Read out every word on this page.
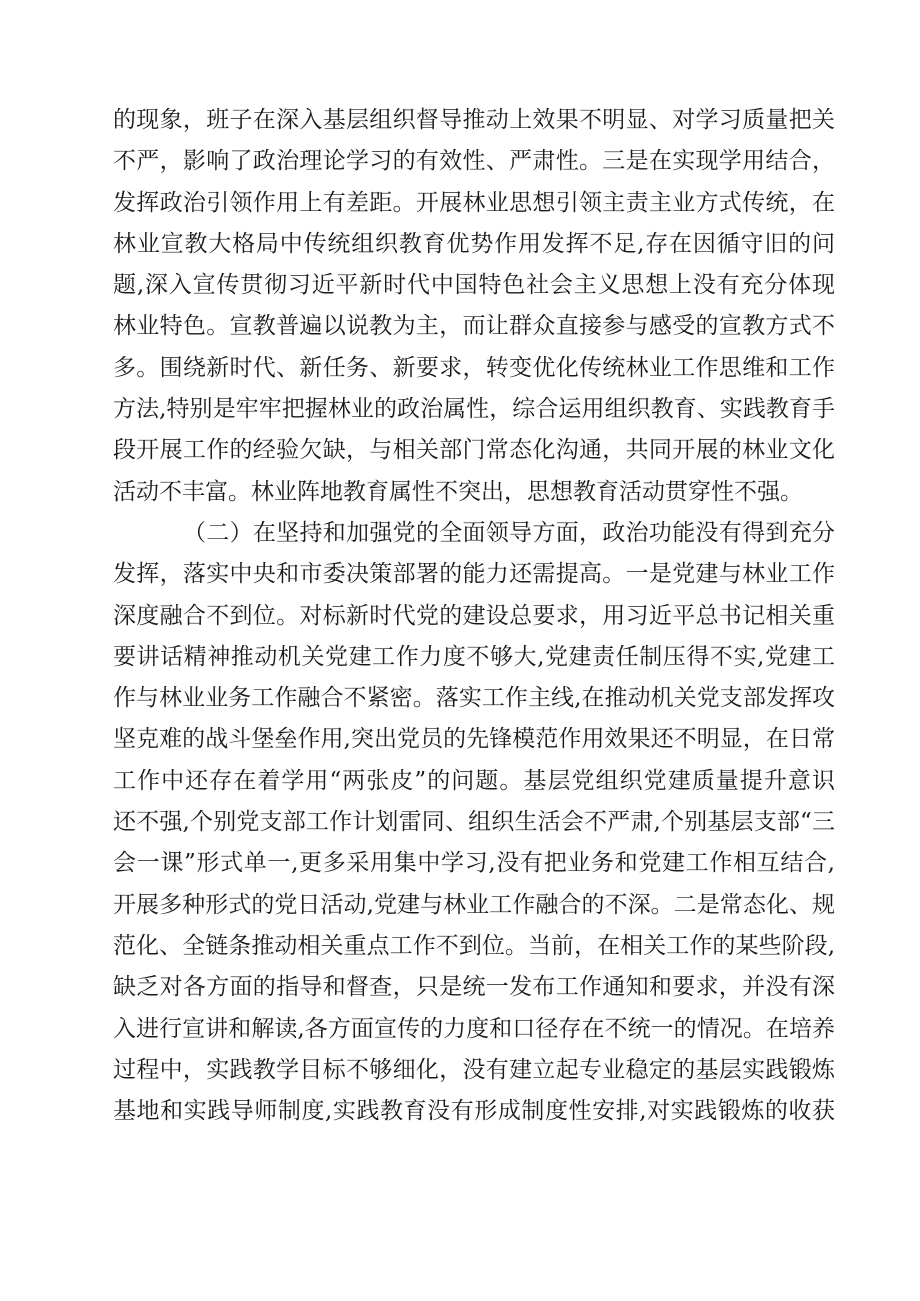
的现象，班子在深入基层组织督导推动上效果不明显、对学习质量把关
不严，影响了政治理论学习的有效性、严肃性。三是在实现学用结合，
发挥政治引领作用上有差距。开展林业思想引领主责主业方式传统，在
林业宣教大格局中传统组织教育优势作用发挥不足,存在因循守旧的问
题,深入宣传贯彻习近平新时代中国特色社会主义思想上没有充分体现
林业特色。宣教普遍以说教为主，而让群众直接参与感受的宣教方式不
多。围绕新时代、新任务、新要求，转变优化传统林业工作思维和工作
方法,特别是牢牢把握林业的政治属性，综合运用组织教育、实践教育手
段开展工作的经验欠缺，与相关部门常态化沟通，共同开展的林业文化
活动不丰富。林业阵地教育属性不突出，思想教育活动贯穿性不强。
（二）在坚持和加强党的全面领导方面，政治功能没有得到充分
发挥，落实中央和市委决策部署的能力还需提高。一是党建与林业工作
深度融合不到位。对标新时代党的建设总要求，用习近平总书记相关重
要讲话精神推动机关党建工作力度不够大,党建责任制压得不实,党建工
作与林业业务工作融合不紧密。落实工作主线,在推动机关党支部发挥攻
坚克难的战斗堡垒作用,突出党员的先锋模范作用效果还不明显，在日常
工作中还存在着学用“两张皮”的问题。基层党组织党建质量提升意识
还不强,个别党支部工作计划雷同、组织生活会不严肃,个别基层支部“三
会一课”形式单一,更多采用集中学习,没有把业务和党建工作相互结合,
开展多种形式的党日活动,党建与林业工作融合的不深。二是常态化、规
范化、全链条推动相关重点工作不到位。当前，在相关工作的某些阶段,
缺乏对各方面的指导和督查，只是统一发布工作通知和要求，并没有深
入进行宣讲和解读,各方面宣传的力度和口径存在不统一的情况。在培养
过程中，实践教学目标不够细化，没有建立起专业稳定的基层实践锻炼
基地和实践导师制度,实践教育没有形成制度性安排,对实践锻炼的收获
